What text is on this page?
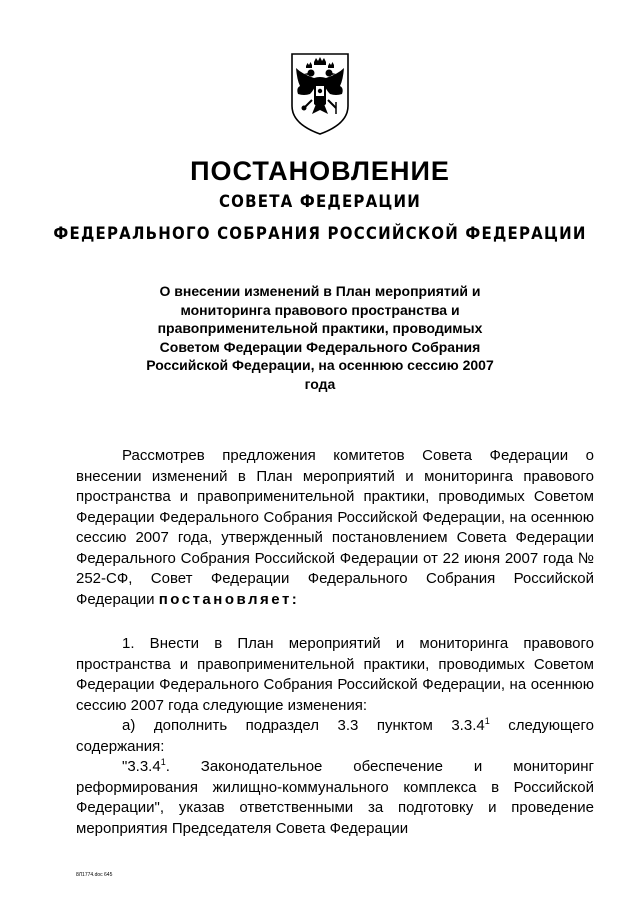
ПОСТАНОВЛЕНИЕ
СОВЕТА ФЕДЕРАЦИИ
ФЕДЕРАЛЬНОГО СОБРАНИЯ РОССИЙСКОЙ ФЕДЕРАЦИИ
О внесении изменений в План мероприятий и мониторинга правового пространства и правоприменительной практики, проводимых Советом Федерации Федерального Собрания Российской Федерации, на осеннюю сессию 2007 года

Рассмотрев предложения комитетов Совета Федерации о внесении изменений в План мероприятий и мониторинга правового пространства и правоприменительной практики, проводимых Советом Федерации Федерального Собрания Российской Федерации, на осеннюю сессию 2007 года, утвержденный постановлением Совета Федерации Федерального Собрания Российской Федерации от 22 июня 2007 года № 252-СФ, Совет Федерации Федерального Собрания Российской Федерации постановляет:

1. Внести в План мероприятий и мониторинга правового пространства и правоприменительной практики, проводимых Советом Федерации Федерального Собрания Российской Федерации, на осеннюю сессию 2007 года следующие изменения:

а) дополнить подраздел 3.3 пунктом 3.3.4$^1$ следующего содержания:

"3.3.4$^1$. Законодательное обеспечение и мониторинг реформирования жилищно-коммунального комплекса в Российской Федерации", указав ответственными за подготовку и проведение мероприятия Председателя Совета Федерации

8Л1774.doc 645
